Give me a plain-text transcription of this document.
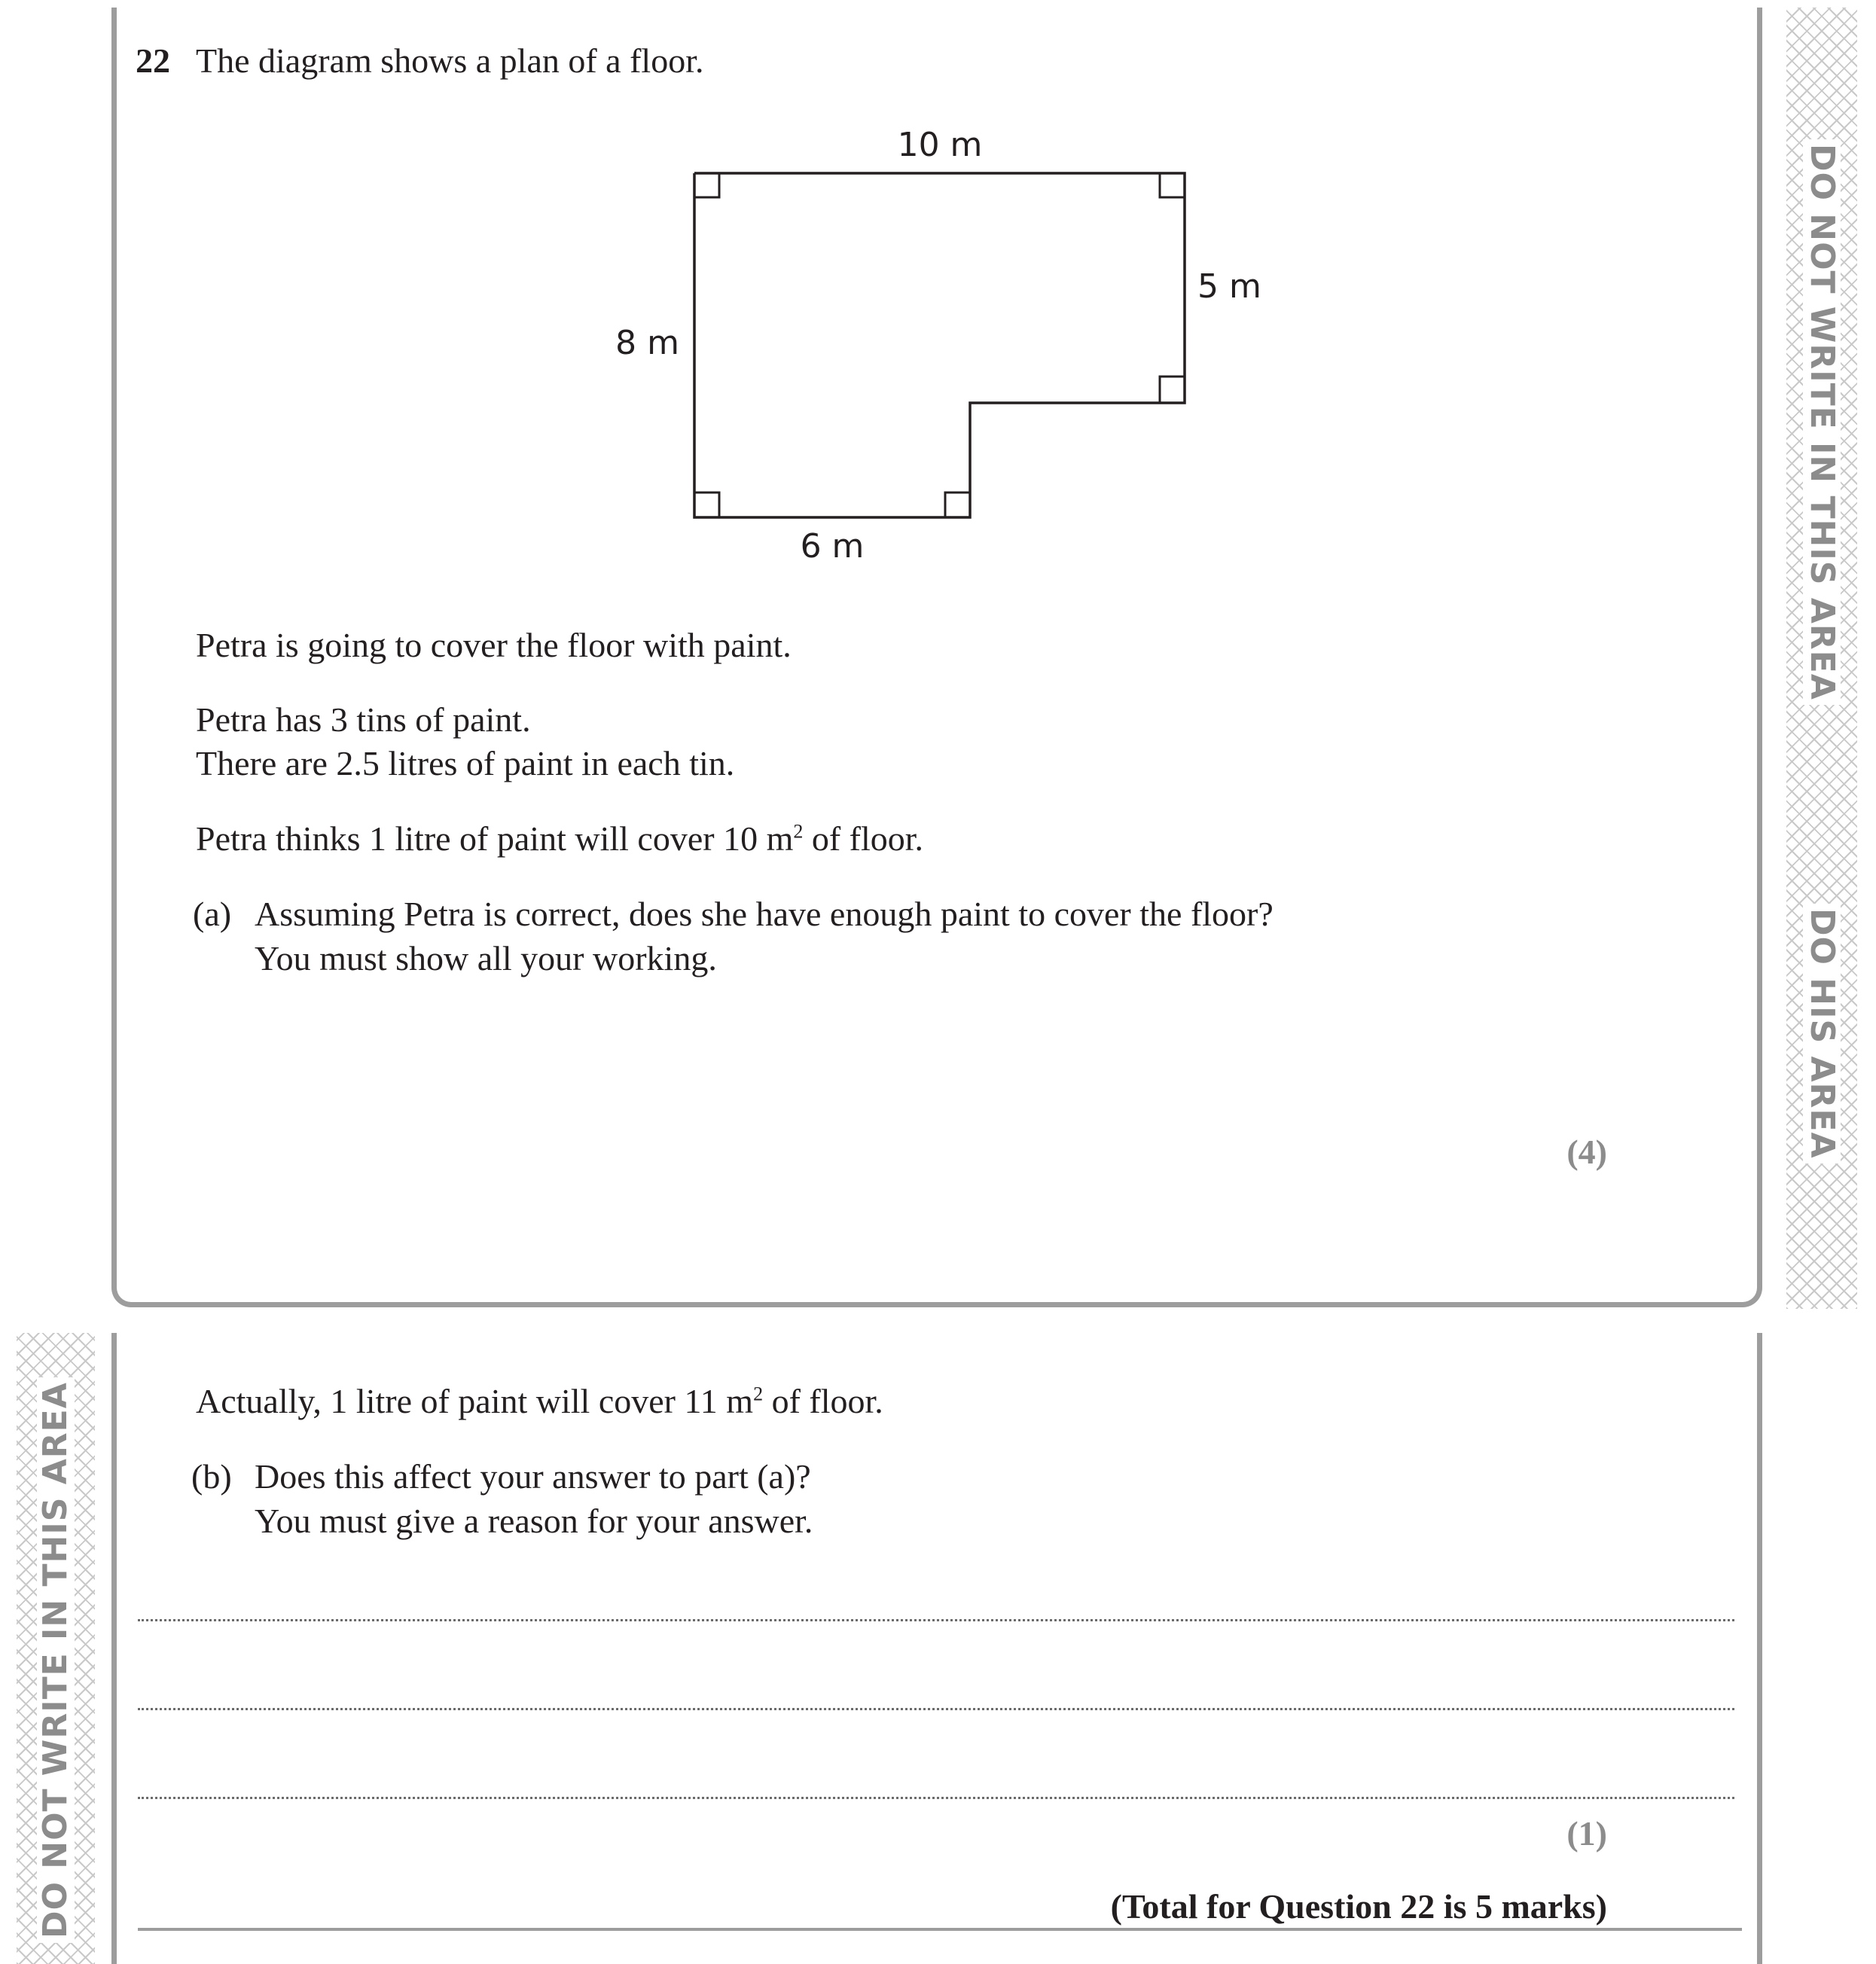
DO NOT WRITE IN THIS AREA
DO HIS AREA
DO NOT WRITE IN THIS AREA
22 The diagram shows a plan of a floor.
10 m
5 m
8 m
6 m
Petra is going to cover the floor with paint.
Petra has 3 tins of paint.
There are 2.5 litres of paint in each tin.
Petra thinks 1 litre of paint will cover 10 $m^2$ of floor.
(a) Assuming Petra is correct, does she have enough paint to cover the floor?
You must show all your working.
(4)
Actually, 1 litre of paint will cover 11 $m^2$ of floor.
(b) Does this affect your answer to part (a)?
You must give a reason for your answer.
(1)
(Total for Question 22 is 5 marks)
